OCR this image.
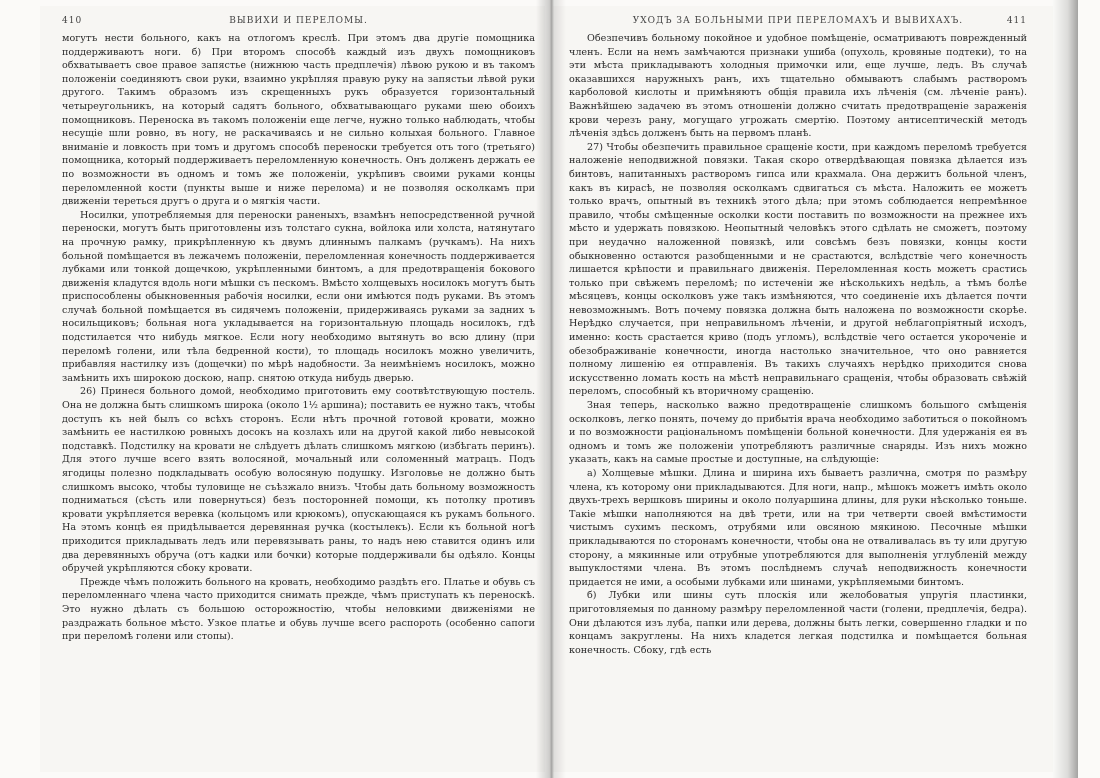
410	ВЫВИХИ И ПЕРЕЛОМЫ.

могутъ нести больного, какъ на отлогомъ креслѣ. При этомъ два другіе помощника поддерживаютъ ноги. б) При второмъ способѣ каждый изъ двухъ помощниковъ обхватываетъ свое правое запястье (нижнюю часть предплечія) лѣвою рукою и въ такомъ положеніи соединяютъ свои руки, взаимно укрѣпляя правую руку на запястьи лѣвой руки другого. Такимъ образомъ изъ скрещенныхъ рукъ образуется горизонтальный четыреугольникъ, на который садятъ больного, обхватывающаго руками шею обоихъ помощниковъ. Переноска въ такомъ положеніи еще легче, нужно только наблюдать, чтобы несущіе шли ровно, въ ногу, не раскачиваясь и не сильно колыхая больного. Главное вниманіе и ловкость при томъ и другомъ способѣ переноски требуется отъ того (третьяго) помощника, который поддерживаетъ переломленную конечность. Онъ долженъ держать ее по возможности въ одномъ и томъ же положеніи, укрѣпивъ своими руками концы переломленной кости (пункты выше и ниже перелома) и не позволяя осколкамъ при движеніи тереться другъ о друга и о мягкія части.

Носилки, употребляемыя для переноски раненыхъ, взамѣнъ непосредственной ручной переноски, могутъ быть приготовлены изъ толстаго сукна, войлока или холста, натянутаго на прочную рамку, прикрѣпленную къ двумъ длиннымъ палкамъ (ручкамъ). На нихъ больной помѣщается въ лежачемъ положеніи, переломленная конечность поддерживается лубками или тонкой дощечкою, укрѣпленными бинтомъ, а для предотвращенія бокового движенія кладутся вдоль ноги мѣшки съ пескомъ. Вмѣсто холщевыхъ носилокъ могутъ быть приспособлены обыкновенныя рабочія носилки, если они имѣются подъ руками. Въ этомъ случаѣ больной помѣщается въ сидячемъ положеніи, придерживаясь руками за задних ъ носильщиковъ; больная нога укладывается на горизонтальную площадь носилокъ, гдѣ подстилается что нибудь мягкое. Если ногу необходимо вытянуть во всю длину (при переломѣ голени, или тѣла бедренной кости), то площадь носилокъ можно увеличить, прибавляя настилку изъ (дощечки) по мѣрѣ надобности. За неимѣніемъ носилокъ, можно замѣнить ихъ широкою доскою, напр. снятою откуда нибудь дверью.

26) Принеся больного домой, необходимо приготовить ему соотвѣтствующую постель. Она не должна быть слишкомъ широка (около 1½ аршина); поставить ее нужно такъ, чтобы доступъ къ ней былъ со всѣхъ сторонъ. Если нѣтъ прочной готовой кровати, можно замѣнить ее настилкою ровныхъ досокъ на козлахъ или на другой какой либо невысокой подставкѣ. Подстилку на кровати не слѣдуетъ дѣлать слишкомъ мягкою (избѣгать перинъ). Для этого лучше всего взять волосяной, мочальный или соломенный матрацъ. Подъ ягодицы полезно подкладывать особую волосяную подушку. Изголовье не должно быть слишкомъ высоко, чтобы туловище не съѣзжало внизъ. Чтобы дать больному возможность подниматься (сѣсть или повернуться) безъ посторонней помощи, къ потолку противъ кровати укрѣпляется веревка (кольцомъ или крюкомъ), опускающаяся къ рукамъ больного. На этомъ концѣ ея придѣлывается деревянная ручка (костылекъ). Если къ больной ногѣ приходится прикладывать ледъ или перевязывать раны, то надъ нею ставится одинъ или два деревянныхъ обруча (отъ кадки или бочки) которые поддерживали бы одѣяло. Концы обручей укрѣпляются сбоку кровати.

Прежде чѣмъ положить больного на кровать, необходимо раздѣть его. Платье и обувь съ переломленнаго члена часто приходится снимать прежде, чѣмъ приступать къ переноскѣ. Это нужно дѣлать съ большою осторожностію, чтобы неловкими движеніями не раздражать больное мѣсто. Узкое платье и обувь лучше всего распороть (особенно сапоги при переломѣ голени или стопы).

УХОДЪ ЗА БОЛЬНЫМИ ПРИ ПЕРЕЛОМАХЪ И ВЫВИХАХЪ.	411

Обезпечивъ больному покойное и удобное помѣщеніе, осматриваютъ поврежденный членъ. Если на немъ замѣчаются признаки ушиба (опухоль, кровяные подтеки), то на эти мѣста прикладываютъ холодныя примочки или, еще лучше, ледъ. Въ случаѣ оказавшихся наружныхъ ранъ, ихъ тщательно обмываютъ слабымъ растворомъ карболовой кислоты и примѣняютъ общія правила ихъ лѣченія (см. лѣченіе ранъ). Важнѣйшею задачею въ этомъ отношеніи должно считать предотвращеніе зараженія крови черезъ рану, могущаго угрожать смертію. Поэтому антисептическій методъ лѣченія здѣсь долженъ быть на первомъ планѣ.

27) Чтобы обезпечить правильное сращеніе кости, при каждомъ переломѣ требуется наложеніе неподвижной повязки. Такая скоро отвердѣвающая повязка дѣлается изъ бинтовъ, напитанныхъ растворомъ гипса или крахмала. Она держитъ больной членъ, какъ въ кирасѣ, не позволяя осколкамъ сдвигаться съ мѣста. Наложить ее можетъ только врачъ, опытный въ техникѣ этого дѣла; при этомъ соблюдается непремѣнное правило, чтобы смѣщенные осколки кости поставить по возможности на прежнее ихъ мѣсто и удержать повязкою. Неопытный человѣкъ этого сдѣлать не сможетъ, поэтому при неудачно наложенной повязкѣ, или совсѣмъ безъ повязки, концы кости обыкновенно остаются разобщенными и не срастаются, вслѣдствіе чего конечность лишается крѣпости и правильнаго движенія. Переломленная кость можетъ срастись только при свѣжемъ переломѣ; по истеченіи же нѣсколькихъ недѣль, а тѣмъ болѣе мѣсяцевъ, концы осколковъ уже такъ измѣняются, что соединеніе ихъ дѣлается почти невозможнымъ. Вотъ почему повязка должна быть наложена по возможности скорѣе. Нерѣдко случается, при неправильномъ лѣченіи, и другой неблагопріятный исходъ, именно: кость срастается криво (подъ угломъ), вслѣдствіе чего остается укороченіе и обезображиваніе конечности, иногда настолько значительное, что оно равняется полному лишенію ея отправленія. Въ такихъ случаяхъ нерѣдко приходится снова искусственно ломать кость на мѣстѣ неправильнаго сращенія, чтобы образовать свѣжій переломъ, способный къ вторичному сращенію.

Зная теперь, насколько важно предотвращеніе слишкомъ большого смѣщенія осколковъ, легко понять, почему до прибытія врача необходимо заботиться о покойномъ и по возможности раціональномъ помѣщеніи больной конечности. Для удержанія ея въ одномъ и томъ же положеніи употребляютъ различные снаряды. Изъ нихъ можно указать, какъ на самые простые и доступные, на слѣдующіе:

а) Холщевые мѣшки. Длина и ширина ихъ бываетъ различна, смотря по размѣру члена, къ которому они прикладываются. Для ноги, напр., мѣшокъ можетъ имѣть около двухъ-трехъ вершковъ ширины и около полуаршина длины, для руки нѣсколько тоньше. Такіе мѣшки наполняются на двѣ трети, или на три четверти своей вмѣстимости чистымъ сухимъ пескомъ, отрубями или овсяною мякиною. Песочные мѣшки прикладываются по сторонамъ конечности, чтобы она не отваливалась въ ту или другую сторону, а мякинные или отрубные употребляются для выполненія углубленій между выпуклостями члена. Въ этомъ послѣднемъ случаѣ неподвижность конечности придается не ими, а особыми лубками или шинами, укрѣпляемыми бинтомъ.

б) Лубки или шины суть плоскія или желобоватыя упругія пластинки, приготовляемыя по данному размѣру переломленной части (голени, предплечія, бедра). Они дѣлаются изъ луба, папки или дерева, должны быть легки, совершенно гладки и по концамъ закруглены. На нихъ кладется легкая подстилка и помѣщается больная конечность. Сбоку, гдѣ есть
